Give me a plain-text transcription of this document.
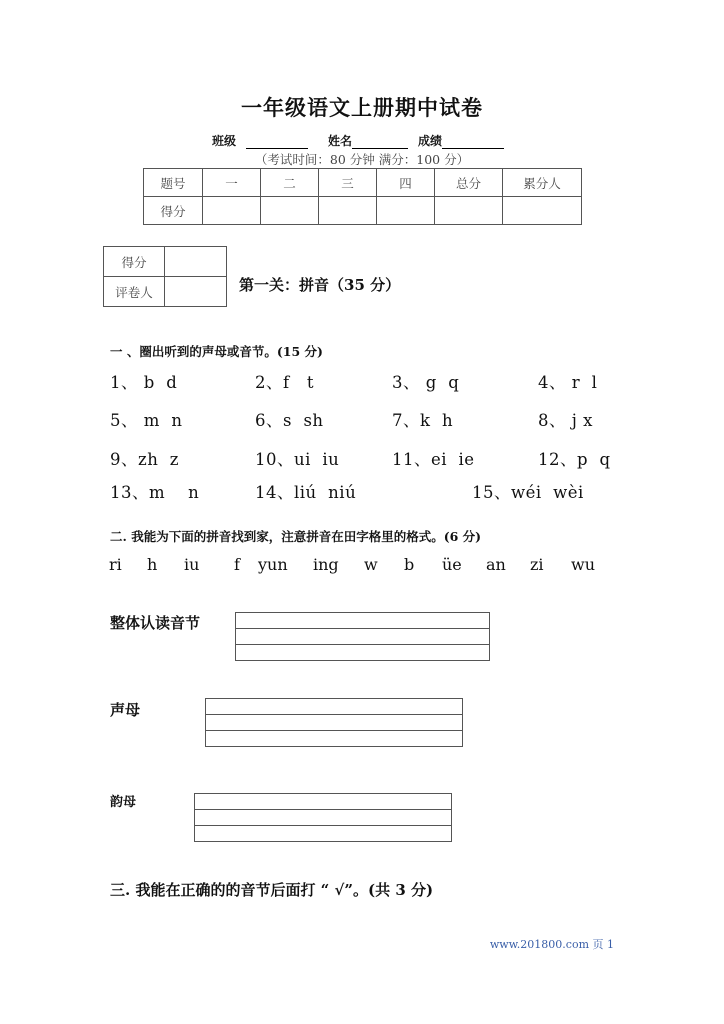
一年级语文上册期中试卷
班级	姓名	成绩
（考试时间：80 分钟 满分：100 分）
题号	一	二	三	四	总分	累分人
得分						
得分	
评卷人		第一关：拼音（35 分）
一 、圈出听到的声母或音节。(15 分)
1、 b  d	2、f   t	3、 g  q	4、 r  l
5、 m  n	6、s  sh	7、k  h	8、 j x
9、zh  z	10、ui  iu	11、ei  ie	12、p  q
13、m    n	14、liú  niú	15、wéi  wèi
二. 我能为下面的拼音找到家，注意拼音在田字格里的格式。(6 分)
ri h iu f yun ing w b üe an zi wu
整体认读音节
声母
韵母
三. 我能在正确的的音节后面打 “ √”。(共 3 分)
www.201800.com 页 1
